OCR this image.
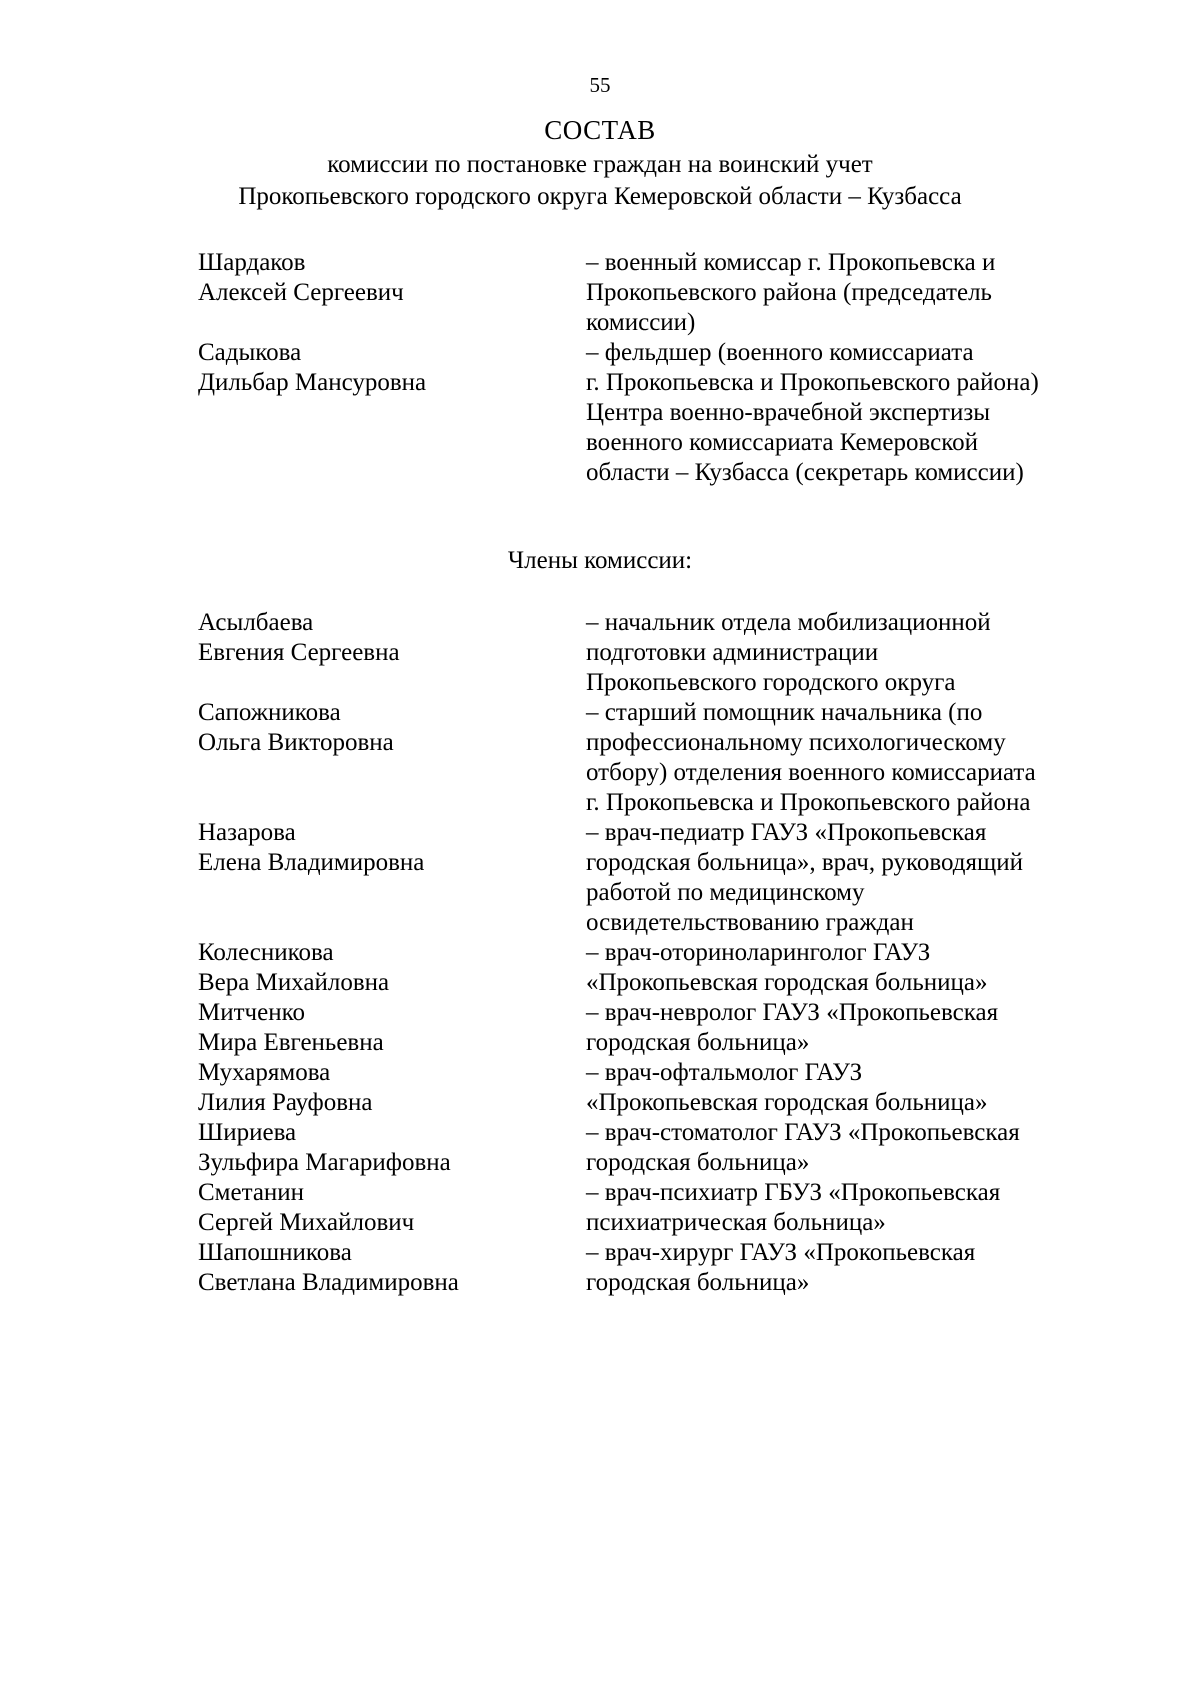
55
СОСТАВ
комиссии по постановке граждан на воинский учет
Прокопьевского городского округа Кемеровской области – Кузбасса
Шардаков
Алексей Сергеевич
– военный комиссар г. Прокопьевска и
Прокопьевского района (председатель
комиссии)
Садыкова
Дильбар Мансуровна
– фельдшер (военного комиссариата
г. Прокопьевска и Прокопьевского района)
Центра военно-врачебной экспертизы
военного комиссариата Кемеровской
области – Кузбасса (секретарь комиссии)
Члены комиссии:
Асылбаева
Евгения Сергеевна
– начальник отдела мобилизационной
подготовки администрации
Прокопьевского городского округа
Сапожникова
Ольга Викторовна
– старший помощник начальника (по
профессиональному психологическому
отбору) отделения военного комиссариата
г. Прокопьевска и Прокопьевского района
Назарова
Елена Владимировна
– врач-педиатр ГАУЗ «Прокопьевская
городская больница», врач, руководящий
работой по медицинскому
освидетельствованию граждан
Колесникова
Вера Михайловна
– врач-оториноларинголог ГАУЗ
«Прокопьевская городская больница»
Митченко
Мира Евгеньевна
– врач-невролог ГАУЗ «Прокопьевская
городская больница»
Мухарямова
Лилия Рауфовна
– врач-офтальмолог ГАУЗ
«Прокопьевская городская больница»
Шириева
Зульфира Магарифовна
– врач-стоматолог ГАУЗ «Прокопьевская
городская больница»
Сметанин
Сергей Михайлович
– врач-психиатр ГБУЗ «Прокопьевская
психиатрическая больница»
Шапошникова
Светлана Владимировна
– врач-хирург ГАУЗ «Прокопьевская
городская больница»
